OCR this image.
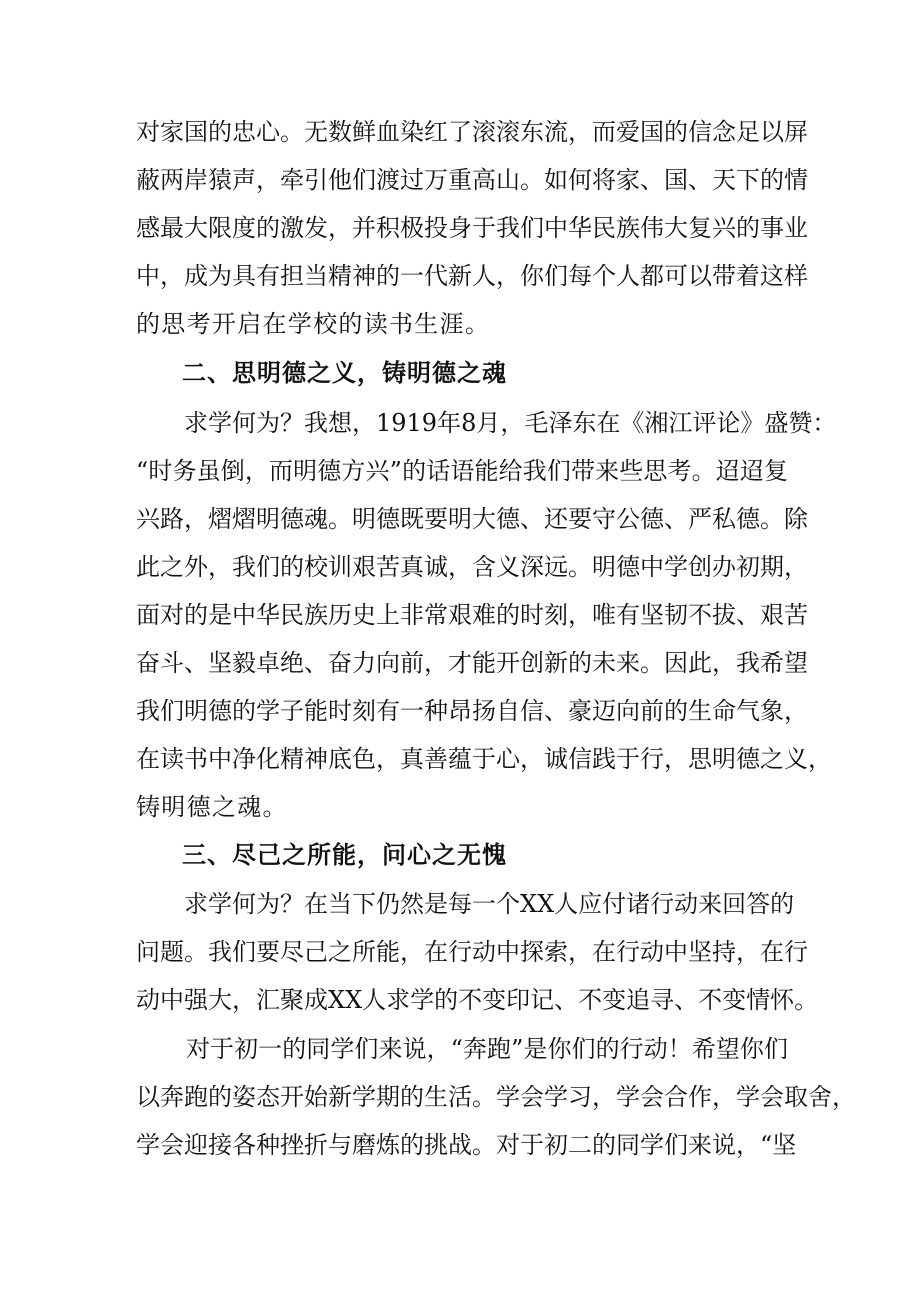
对家国的忠心。无数鲜血染红了滚滚东流，而爱国的信念足以屏
蔽两岸猿声，牵引他们渡过万重高山。如何将家、国、天下的情
感最大限度的激发，并积极投身于我们中华民族伟大复兴的事业
中，成为具有担当精神的一代新人，你们每个人都可以带着这样
的思考开启在学校的读书生涯。
二、思明德之义，铸明德之魂
求学何为？我想，1919年8月，毛泽东在《湘江评论》盛赞：
“时务虽倒，而明德方兴”的话语能给我们带来些思考。迢迢复
兴路，熠熠明德魂。明德既要明大德、还要守公德、严私德。除
此之外，我们的校训艰苦真诚，含义深远。明德中学创办初期，
面对的是中华民族历史上非常艰难的时刻，唯有坚韧不拔、艰苦
奋斗、坚毅卓绝、奋力向前，才能开创新的未来。因此，我希望
我们明德的学子能时刻有一种昂扬自信、豪迈向前的生命气象，
在读书中净化精神底色，真善蕴于心，诚信践于行，思明德之义，
铸明德之魂。
三、尽己之所能，问心之无愧
求学何为？在当下仍然是每一个XX人应付诸行动来回答的
问题。我们要尽己之所能，在行动中探索，在行动中坚持，在行
动中强大，汇聚成XX人求学的不变印记、不变追寻、不变情怀。
对于初一的同学们来说，“奔跑”是你们的行动！希望你们
以奔跑的姿态开始新学期的生活。学会学习，学会合作，学会取舍，
学会迎接各种挫折与磨炼的挑战。对于初二的同学们来说，“坚
